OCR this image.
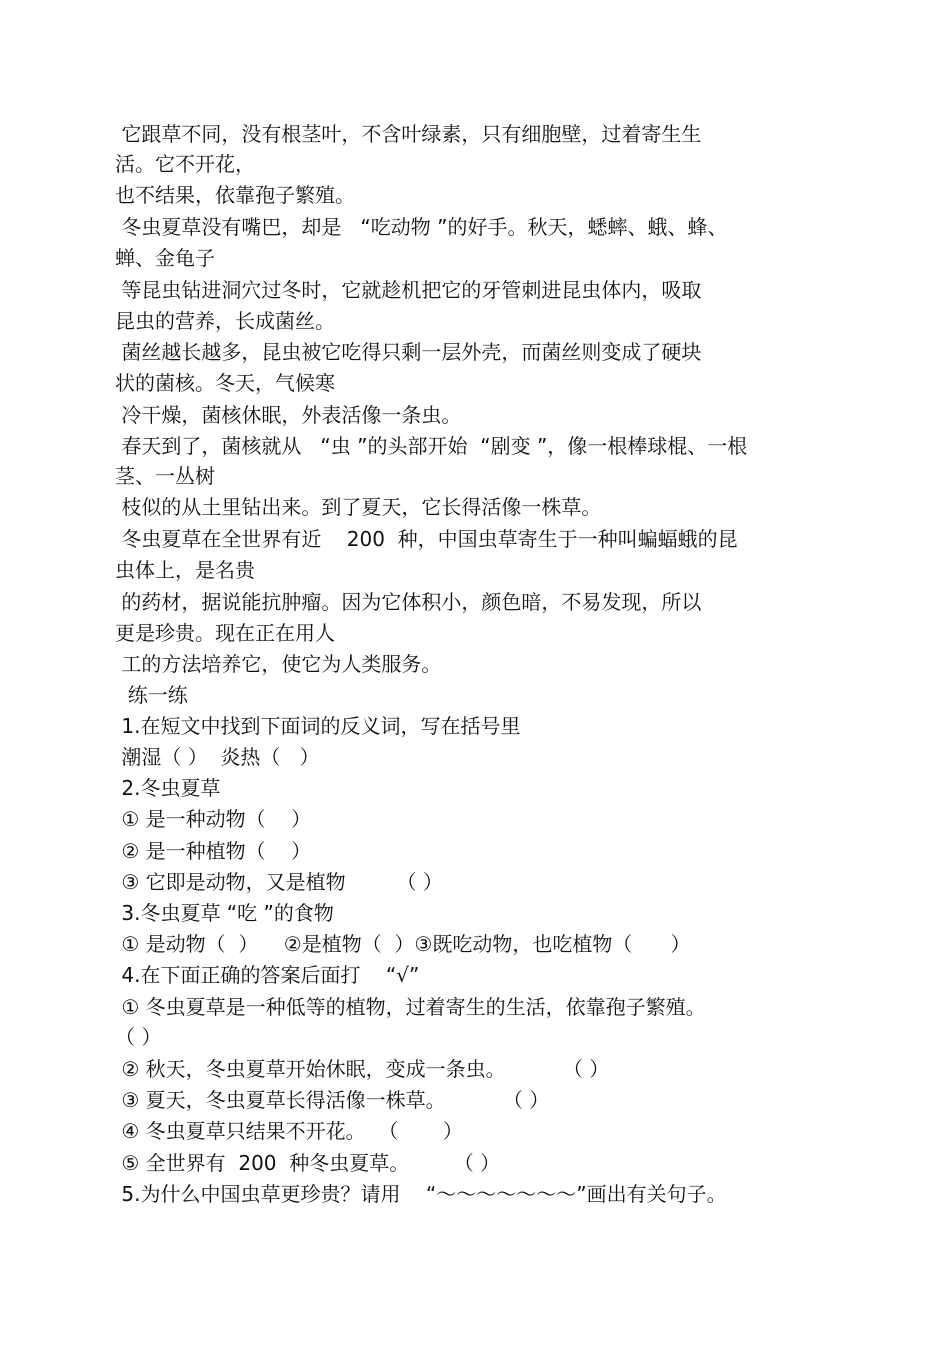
它跟草不同，没有根茎叶，不含叶绿素，只有细胞壁，过着寄生生
活。它不开花，
也不结果，依靠孢子繁殖。
冬虫夏草没有嘴巴，却是   “吃动物 ”的好手。秋天，蟋蟀、蛾、蜂、
蝉、金龟子
等昆虫钻进洞穴过冬时，它就趁机把它的牙管刺进昆虫体内，吸取
昆虫的营养，长成菌丝。
菌丝越长越多，昆虫被它吃得只剩一层外壳，而菌丝则变成了硬块
状的菌核。冬天，气候寒
冷干燥，菌核休眠，外表活像一条虫。
春天到了，菌核就从   “虫 ”的头部开始  “剧变 ”，像一根棒球棍、一根
茎、一丛树
枝似的从土里钻出来。到了夏天，它长得活像一株草。
冬虫夏草在全世界有近    200  种，中国虫草寄生于一种叫蝙蝠蛾的昆
虫体上，是名贵
的药材，据说能抗肿瘤。因为它体积小，颜色暗，不易发现，所以
更是珍贵。现在正在用人
工的方法培养它，使它为人类服务。
练一练
1.在短文中找到下面词的反义词，写在括号里
潮湿（ ）  炎热（   ）
2.冬虫夏草
① 是一种动物（    ）
② 是一种植物（    ）
③ 它即是动物，又是植物        （ ）
3.冬虫夏草 “吃 ”的食物
① 是动物（  ）    ②是植物（  ）③既吃动物，也吃植物（      ）
4.在下面正确的答案后面打    “√”
① 冬虫夏草是一种低等的植物，过着寄生的生活，依靠孢子繁殖。
（ ）
② 秋天，冬虫夏草开始休眠，变成一条虫。         （ ）
③ 夏天，冬虫夏草长得活像一株草。         （ ）
④ 冬虫夏草只结果不开花。  （       ）
⑤ 全世界有  200  种冬虫夏草。       （ ）
5.为什么中国虫草更珍贵？请用    “～～～～～～～”画出有关句子。
